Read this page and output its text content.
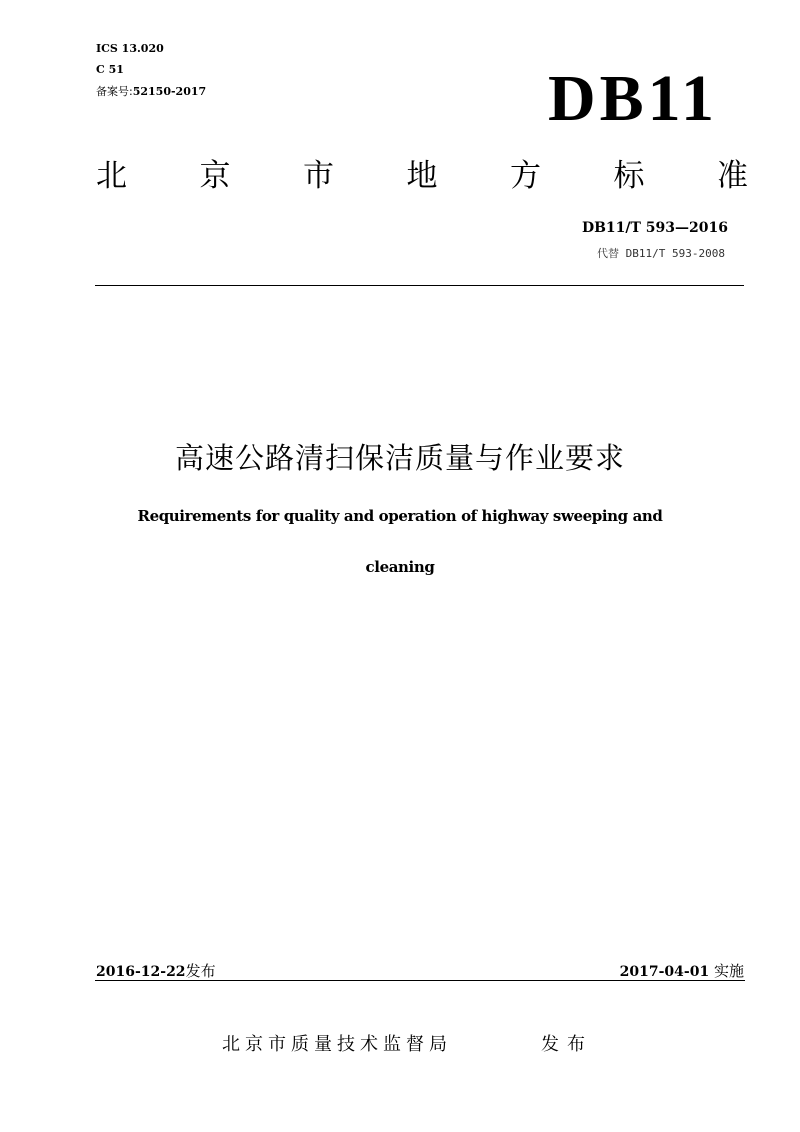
ICS 13.020
C 51
备案号:52150-2017	DB11
北 京 市 地 方 标 准
DB11/T 593—2016
代替 DB11/T 593-2008
高速公路清扫保洁质量与作业要求
Requirements for quality and operation of highway sweeping and
cleaning
2016-12-22发布	2017-04-01 实施
北京市质量技术监督局	发布
